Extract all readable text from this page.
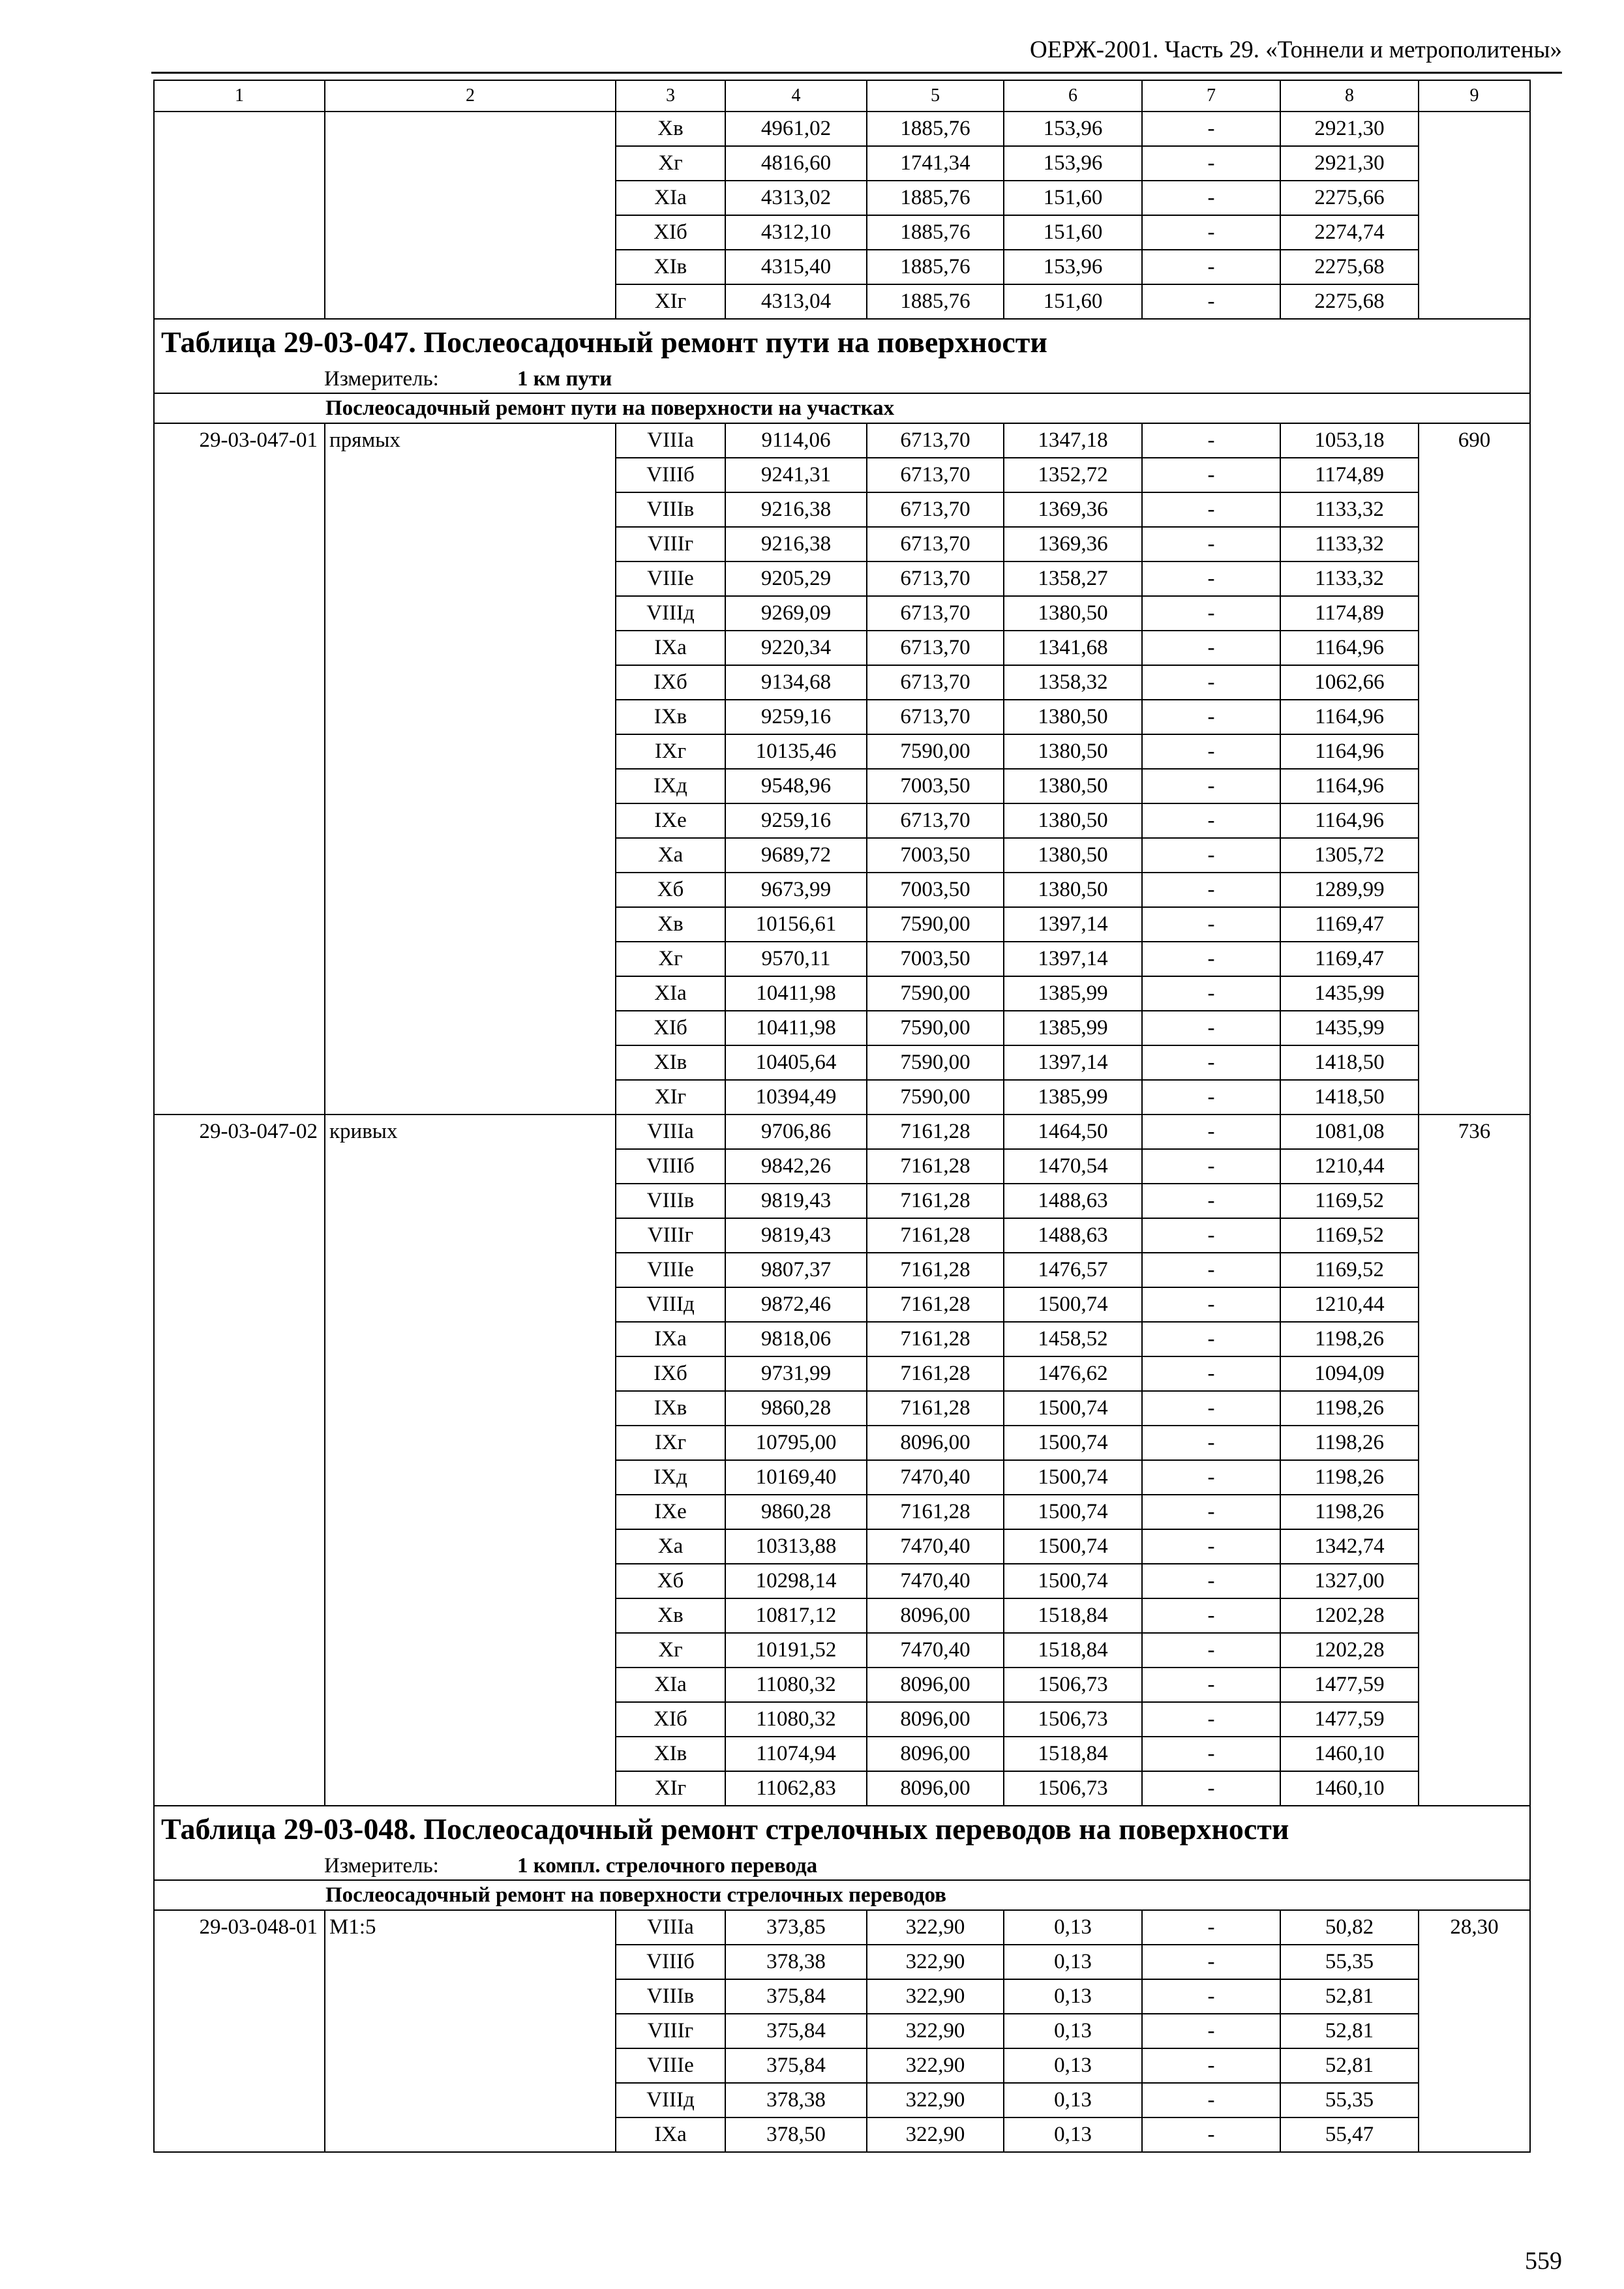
ОЕРЖ-2001. Часть 29. «Тоннели и метрополитены»
1	2	3	4	5	6	7	8	9
		Xв	4961,02	1885,76	153,96	-	2921,30	
		Xг	4816,60	1741,34	153,96	-	2921,30	
		XIа	4313,02	1885,76	151,60	-	2275,66	
		XIб	4312,10	1885,76	151,60	-	2274,74	
		XIв	4315,40	1885,76	153,96	-	2275,68	
		XIг	4313,04	1885,76	151,60	-	2275,68	
Таблица 29-03-047. Послеосадочный ремонт пути на поверхности								
Измеритель: 1 км пути								
Послеосадочный ремонт пути на поверхности на участках								
29-03-047-01	прямых	VIIIа	9114,06	6713,70	1347,18	-	1053,18	690
		VIIIб	9241,31	6713,70	1352,72	-	1174,89	
		VIIIв	9216,38	6713,70	1369,36	-	1133,32	
		VIIIг	9216,38	6713,70	1369,36	-	1133,32	
		VIIIе	9205,29	6713,70	1358,27	-	1133,32	
		VIIIд	9269,09	6713,70	1380,50	-	1174,89	
		IXа	9220,34	6713,70	1341,68	-	1164,96	
		IXб	9134,68	6713,70	1358,32	-	1062,66	
		IXв	9259,16	6713,70	1380,50	-	1164,96	
		IXг	10135,46	7590,00	1380,50	-	1164,96	
		IXд	9548,96	7003,50	1380,50	-	1164,96	
		IXе	9259,16	6713,70	1380,50	-	1164,96	
		Xа	9689,72	7003,50	1380,50	-	1305,72	
		Xб	9673,99	7003,50	1380,50	-	1289,99	
		Xв	10156,61	7590,00	1397,14	-	1169,47	
		Xг	9570,11	7003,50	1397,14	-	1169,47	
		XIа	10411,98	7590,00	1385,99	-	1435,99	
		XIб	10411,98	7590,00	1385,99	-	1435,99	
		XIв	10405,64	7590,00	1397,14	-	1418,50	
		XIг	10394,49	7590,00	1385,99	-	1418,50	
29-03-047-02	кривых	VIIIа	9706,86	7161,28	1464,50	-	1081,08	736
		VIIIб	9842,26	7161,28	1470,54	-	1210,44	
		VIIIв	9819,43	7161,28	1488,63	-	1169,52	
		VIIIг	9819,43	7161,28	1488,63	-	1169,52	
		VIIIе	9807,37	7161,28	1476,57	-	1169,52	
		VIIIд	9872,46	7161,28	1500,74	-	1210,44	
		IXа	9818,06	7161,28	1458,52	-	1198,26	
		IXб	9731,99	7161,28	1476,62	-	1094,09	
		IXв	9860,28	7161,28	1500,74	-	1198,26	
		IXг	10795,00	8096,00	1500,74	-	1198,26	
		IXд	10169,40	7470,40	1500,74	-	1198,26	
		IXе	9860,28	7161,28	1500,74	-	1198,26	
		Xа	10313,88	7470,40	1500,74	-	1342,74	
		Xб	10298,14	7470,40	1500,74	-	1327,00	
		Xв	10817,12	8096,00	1518,84	-	1202,28	
		Xг	10191,52	7470,40	1518,84	-	1202,28	
		XIа	11080,32	8096,00	1506,73	-	1477,59	
		XIб	11080,32	8096,00	1506,73	-	1477,59	
		XIв	11074,94	8096,00	1518,84	-	1460,10	
		XIг	11062,83	8096,00	1506,73	-	1460,10	
Таблица 29-03-048. Послеосадочный ремонт стрелочных переводов на поверхности								
Измеритель: 1 компл. стрелочного перевода								
Послеосадочный ремонт на поверхности стрелочных переводов								
29-03-048-01	М1:5	VIIIа	373,85	322,90	0,13	-	50,82	28,30
		VIIIб	378,38	322,90	0,13	-	55,35	
		VIIIв	375,84	322,90	0,13	-	52,81	
		VIIIг	375,84	322,90	0,13	-	52,81	
		VIIIе	375,84	322,90	0,13	-	52,81	
		VIIIд	378,38	322,90	0,13	-	55,35	
		IXа	378,50	322,90	0,13	-	55,47	
559
